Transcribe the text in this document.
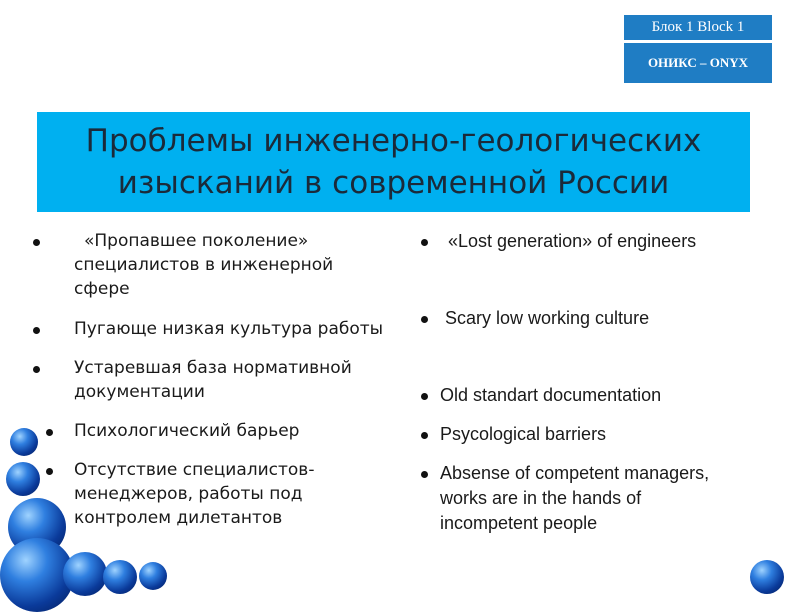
Блок 1 Block 1
ОНИКС – ONYX
Проблемы инженерно-геологических
изысканий в современной России
«Пропавшее поколение»
специалистов в инженерной
сфере
Пугающе низкая культура работы
Устаревшая база нормативной
документации
Психологический барьер
Отсутствие специалистов-
менеджеров, работы под
контролем дилетантов
«Lost generation» of engineers
Scary low working culture
Old standart documentation
Psycological barriers
Absense of competent managers,
works are in the hands of
incompetent people
